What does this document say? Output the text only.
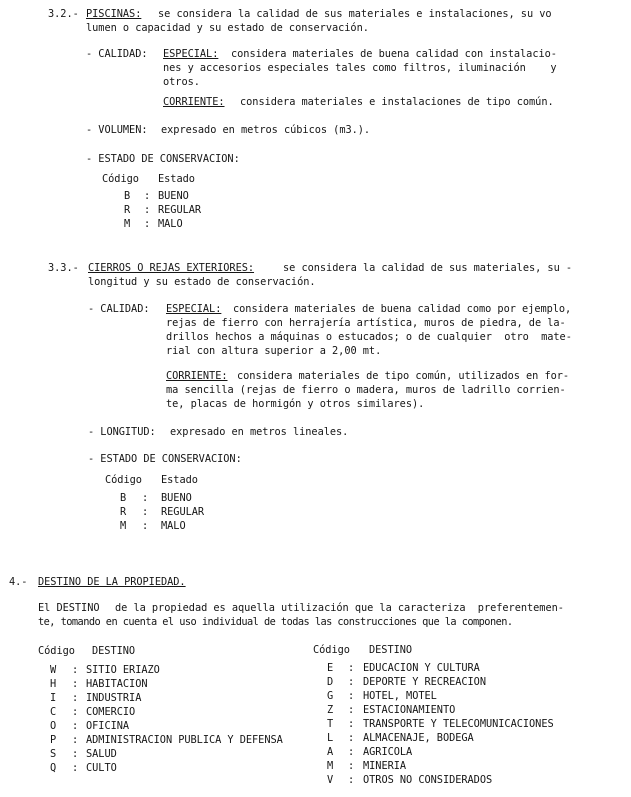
3.2.- PISCINAS: se considera la calidad de sus materiales e instalaciones, su vo
lumen o capacidad y su estado de conservación.
- CALIDAD: ESPECIAL: considera materiales de buena calidad con instalacio-
nes y accesorios especiales tales como filtros, iluminación    y
otros.
CORRIENTE: considera materiales e instalaciones de tipo común.
- VOLUMEN: expresado en metros cúbicos (m3.).
- ESTADO DE CONSERVACION:
Código Estado
B : BUENO
R : REGULAR
M : MALO
3.3.- CIERROS O REJAS EXTERIORES:	se considera la calidad de sus materiales, su -
longitud y su estado de conservación.
- CALIDAD: ESPECIAL: considera materiales de buena calidad como por ejemplo,
rejas de fierro con herrajería artística, muros de piedra, de la-
drillos hechos a máquinas o estucados; o de cualquier  otro  mate-
rial con altura superior a 2,00 mt.
CORRIENTE: considera materiales de tipo común, utilizados en for-
ma sencilla (rejas de fierro o madera, muros de ladrillo corrien-
te, placas de hormigón y otros similares).
- LONGITUD: expresado en metros lineales.
- ESTADO DE CONSERVACION:
Código Estado
B : BUENO
R : REGULAR
M : MALO
4.- DESTINO DE LA PROPIEDAD.
El DESTINO de la propiedad es aquella utilización que la caracteriza  preferentemen-
te, tomando en cuenta el uso individual de todas las construcciones que la componen.
Código DESTINO	Código DESTINO
W : SITIO ERIAZO
H : HABITACION
I : INDUSTRIA
C : COMERCIO
O : OFICINA
P : ADMINISTRACION PUBLICA Y DEFENSA
S : SALUD
Q : CULTO
E : EDUCACION Y CULTURA
D : DEPORTE Y RECREACION
G : HOTEL, MOTEL
Z : ESTACIONAMIENTO
T : TRANSPORTE Y TELECOMUNICACIONES
L : ALMACENAJE, BODEGA
A : AGRICOLA
M : MINERIA
V : OTROS NO CONSIDERADOS
